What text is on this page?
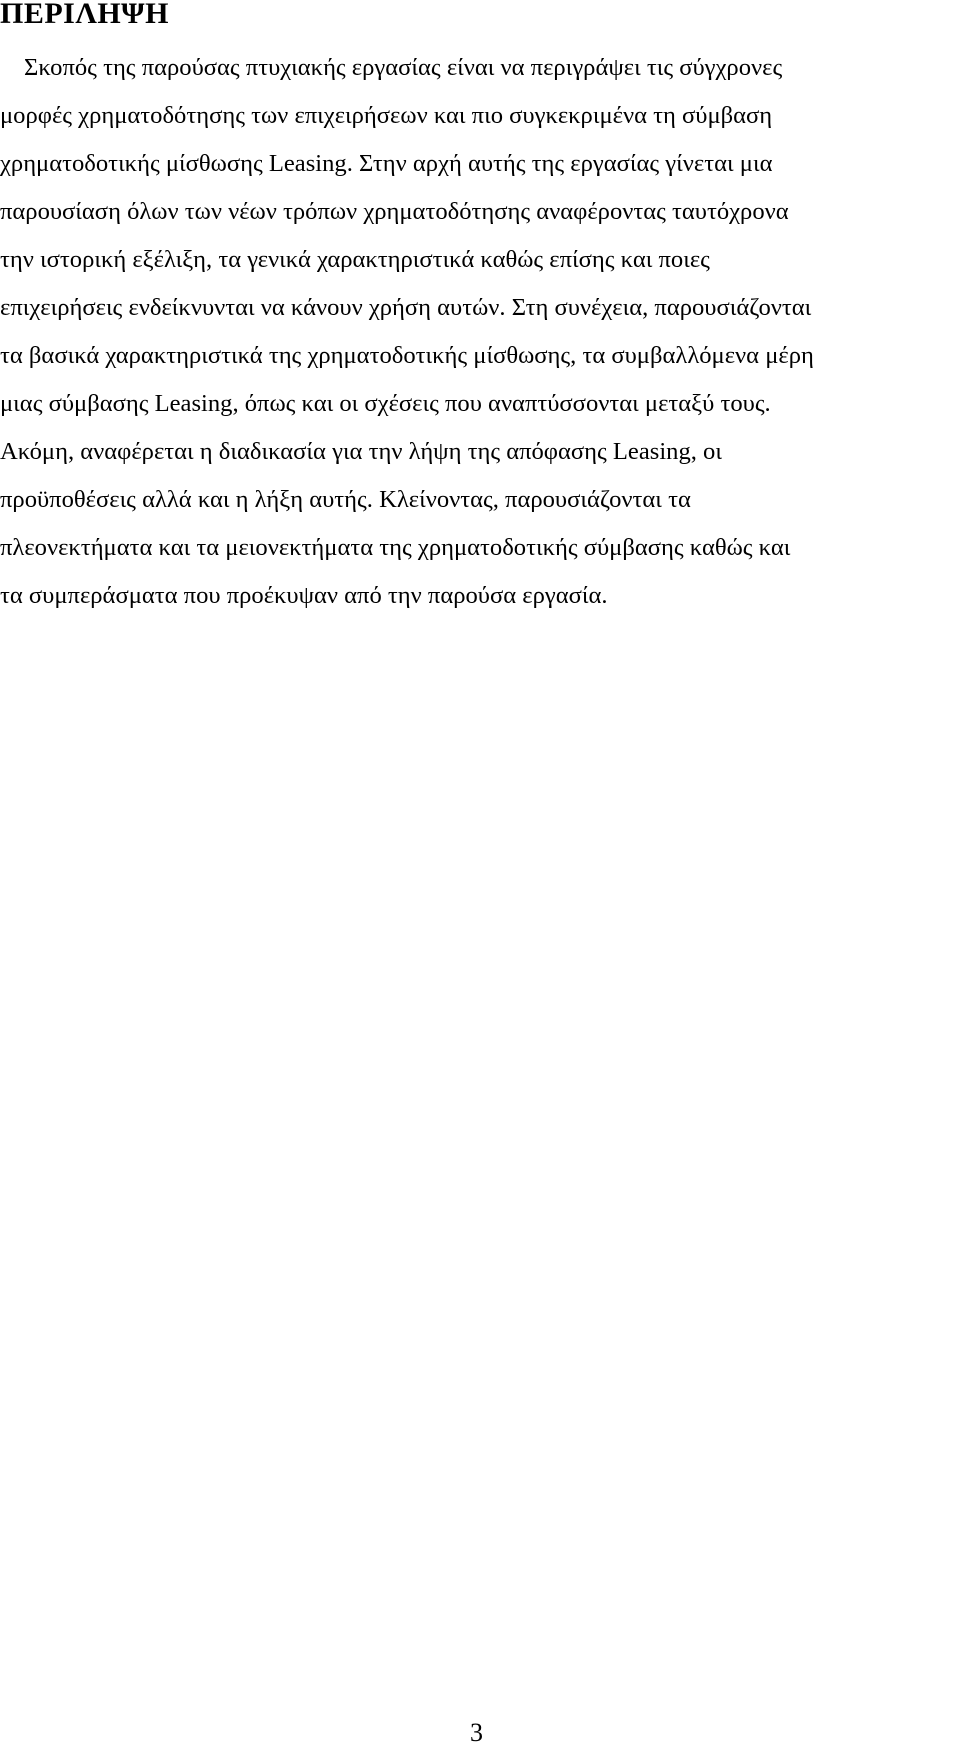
ΠΕΡΙΛΗΨΗ
Σκοπός της παρούσας πτυχιακής εργασίας είναι να περιγράψει τις σύγχρονες
μορφές χρηματοδότησης των επιχειρήσεων και πιο συγκεκριμένα τη σύμβαση
χρηματοδοτικής μίσθωσης Leasing. Στην αρχή αυτής της εργασίας γίνεται μια
παρουσίαση όλων των νέων τρόπων χρηματοδότησης αναφέροντας ταυτόχρονα
την ιστορική εξέλιξη, τα γενικά χαρακτηριστικά καθώς επίσης και ποιες
επιχειρήσεις ενδείκνυνται να κάνουν χρήση αυτών. Στη συνέχεια, παρουσιάζονται
τα βασικά χαρακτηριστικά της χρηματοδοτικής μίσθωσης, τα συμβαλλόμενα μέρη
μιας σύμβασης Leasing, όπως και οι σχέσεις που αναπτύσσονται μεταξύ τους.
Ακόμη, αναφέρεται η διαδικασία για την λήψη της απόφασης Leasing, οι
προϋποθέσεις αλλά και η λήξη αυτής. Κλείνοντας, παρουσιάζονται τα
πλεονεκτήματα και τα μειονεκτήματα της χρηματοδοτικής σύμβασης καθώς και
τα συμπεράσματα που προέκυψαν από την παρούσα εργασία.
3
